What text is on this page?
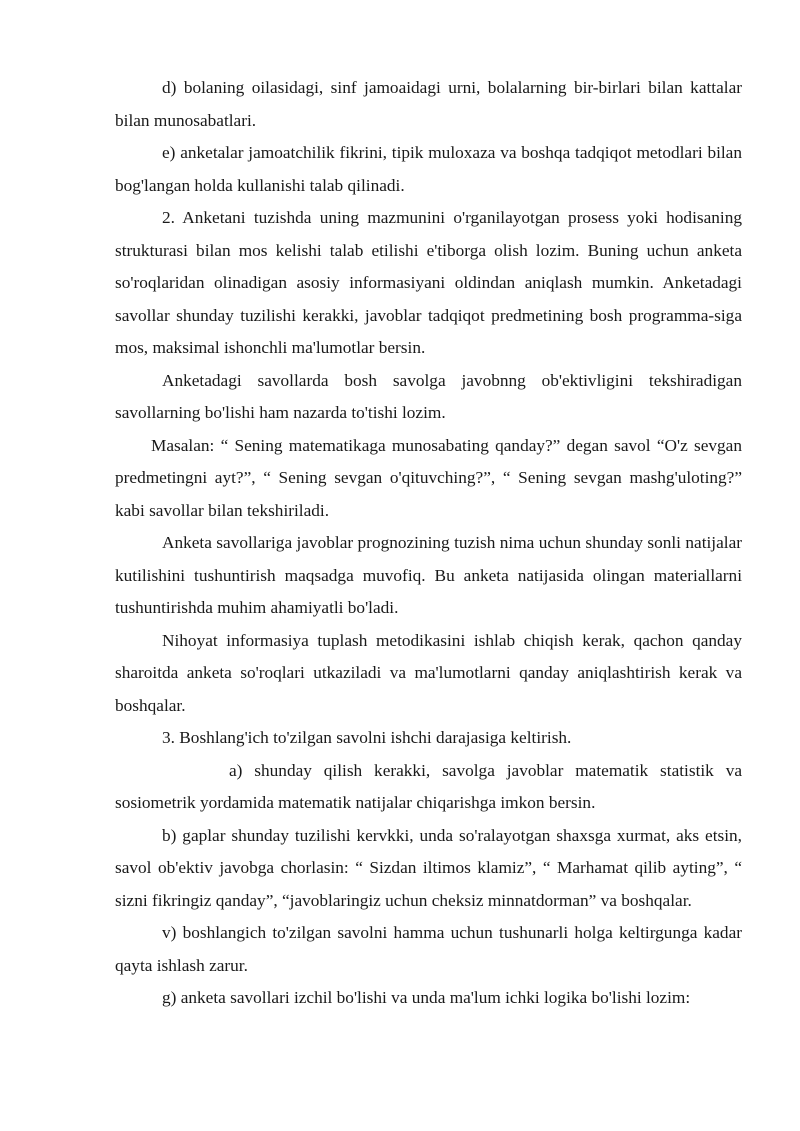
d) bolaning oilasidagi, sinf jamoaidagi urni, bolalarning bir-birlari bilan kattalar bilan munosabatlari.

e) anketalar jamoatchilik fikrini, tipik muloxaza va boshqa tadqiqot metodlari bilan bog'langan holda kullanishi talab qilinadi.

2. Anketani tuzishda uning mazmunini o'rganilayotgan prosess yoki hodisaning strukturasi bilan mos kelishi talab etilishi e'tiborga olish lozim. Buning uchun anketa so'roqlaridan olinadigan asosiy informasiyani oldindan aniqlash mumkin. Anketadagi savollar shunday tuzilishi kerakki, javoblar tadqiqot predmetining bosh programma-siga mos, maksimal ishonchli ma'lumotlar bersin.

Anketadagi savollarda bosh savolga javobnng ob'ektivligini tekshiradigan savollarning bo'lishi ham nazarda to'tishi lozim.

Masalan: “ Sening matematikaga munosabating qanday?” degan savol “O'z sevgan predmetingni ayt?”, “ Sening sevgan o'qituvching?”, “ Sening sevgan mashg'uloting?” kabi savollar bilan tekshiriladi.

Anketa savollariga javoblar prognozining tuzish nima uchun shunday sonli natijalar kutilishini tushuntirish maqsadga muvofiq. Bu anketa natijasida olingan materiallarni tushuntirishda muhim ahamiyatli bo'ladi.

Nihoyat informasiya tuplash metodikasini ishlab chiqish kerak, qachon qanday sharoitda anketa so'roqlari utkaziladi va ma'lumotlarni qanday aniqlashtirish kerak va boshqalar.

3. Boshlang'ich to'zilgan savolni ishchi darajasiga keltirish.

a) shunday qilish kerakki, savolga javoblar matematik statistik va sosiometrik yordamida matematik natijalar chiqarishga imkon bersin.

b) gaplar shunday tuzilishi kervkki, unda so'ralayotgan shaxsga xurmat, aks etsin, savol ob'ektiv javobga chorlasin: “ Sizdan iltimos klamiz”, “ Marhamat qilib ayting”, “ sizni fikringiz qanday”, “javoblaringiz uchun cheksiz minnatdorman” va boshqalar.

v) boshlangich to'zilgan savolni hamma uchun tushunarli holga keltirgunga kadar qayta ishlash zarur.

g) anketa savollari izchil bo'lishi va unda ma'lum ichki logika bo'lishi lozim:
